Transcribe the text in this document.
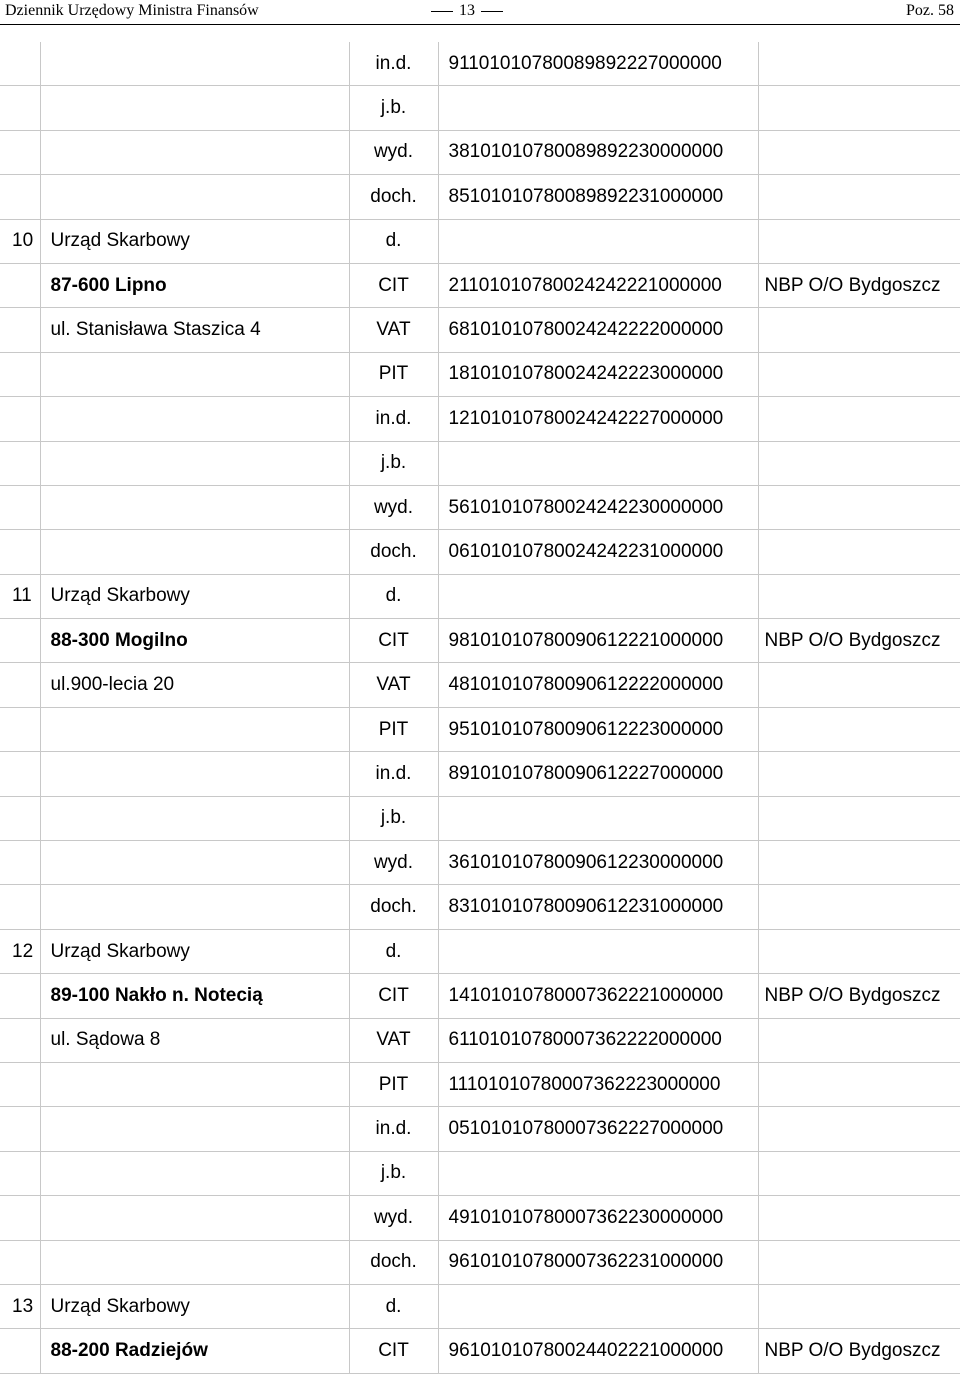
Dziennik Urzędowy Ministra Finansów	13	Poz. 58
		in.d.	91101010780089892227000000	
		j.b.		
		wyd.	38101010780089892230000000	
		doch.	85101010780089892231000000	
10	Urząd Skarbowy	d.		
	87-600 Lipno	CIT	21101010780024242221000000	NBP O/O Bydgoszcz
	ul. Stanisława Staszica 4	VAT	68101010780024242222000000	
		PIT	18101010780024242223000000	
		in.d.	12101010780024242227000000	
		j.b.		
		wyd.	56101010780024242230000000	
		doch.	06101010780024242231000000	
11	Urząd Skarbowy	d.		
	88-300 Mogilno	CIT	98101010780090612221000000	NBP O/O Bydgoszcz
	ul.900-lecia 20	VAT	48101010780090612222000000	
		PIT	95101010780090612223000000	
		in.d.	89101010780090612227000000	
		j.b.		
		wyd.	36101010780090612230000000	
		doch.	83101010780090612231000000	
12	Urząd Skarbowy	d.		
	89-100 Nakło n. Notecią	CIT	14101010780007362221000000	NBP O/O Bydgoszcz
	ul. Sądowa 8	VAT	61101010780007362222000000	
		PIT	11101010780007362223000000	
		in.d.	05101010780007362227000000	
		j.b.		
		wyd.	49101010780007362230000000	
		doch.	96101010780007362231000000	
13	Urząd Skarbowy	d.		
	88-200 Radziejów	CIT	96101010780024402221000000	NBP O/O Bydgoszcz
